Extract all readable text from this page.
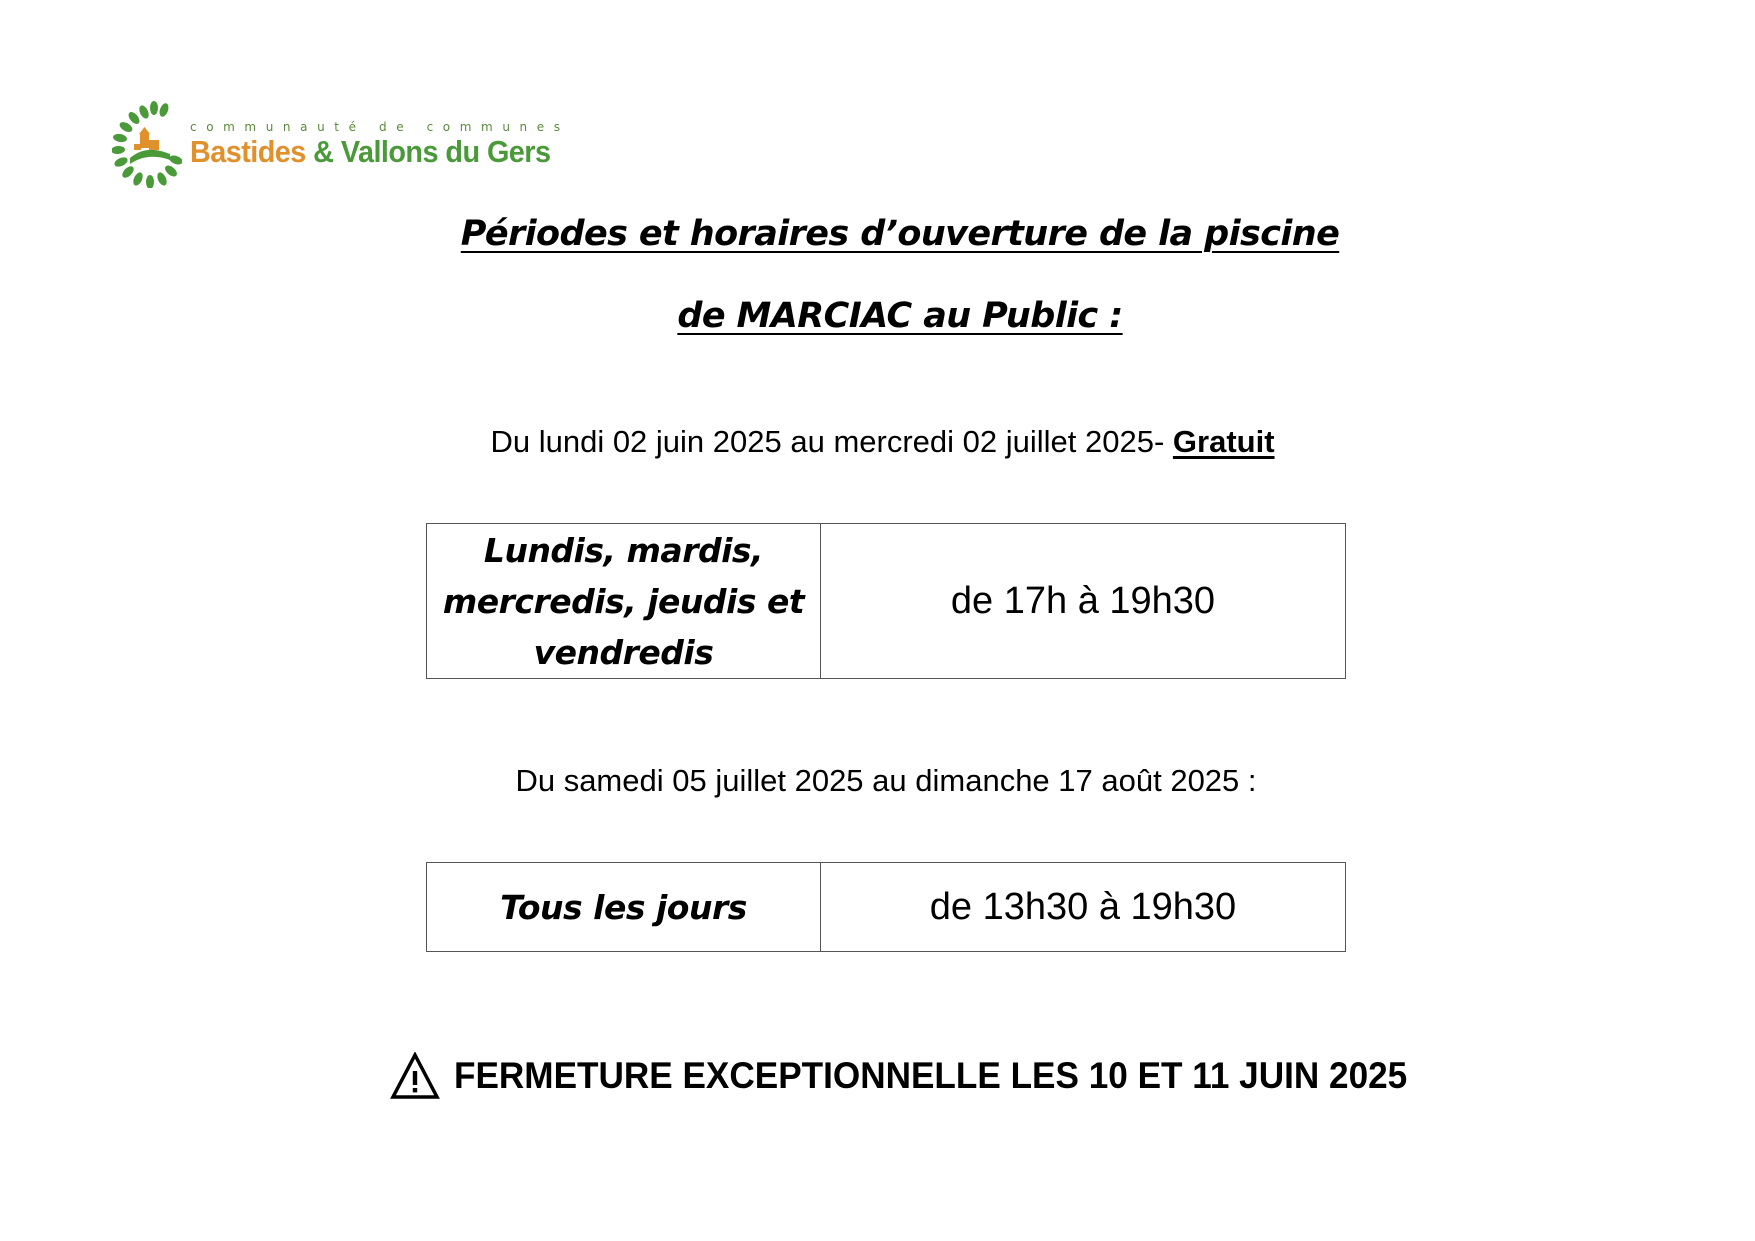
communauté de communes
Bastides & Vallons du Gers
Périodes et horaires d’ouverture de la piscine
de MARCIAC au Public :
Du lundi 02 juin 2025 au mercredi 02 juillet 2025- Gratuit
Lundis, mardis, mercredis, jeudis et vendredis	de 17h à 19h30
Du samedi 05 juillet 2025 au dimanche 17 août 2025 :
Tous les jours	de 13h30 à 19h30
FERMETURE EXCEPTIONNELLE LES 10 ET 11 JUIN 2025
